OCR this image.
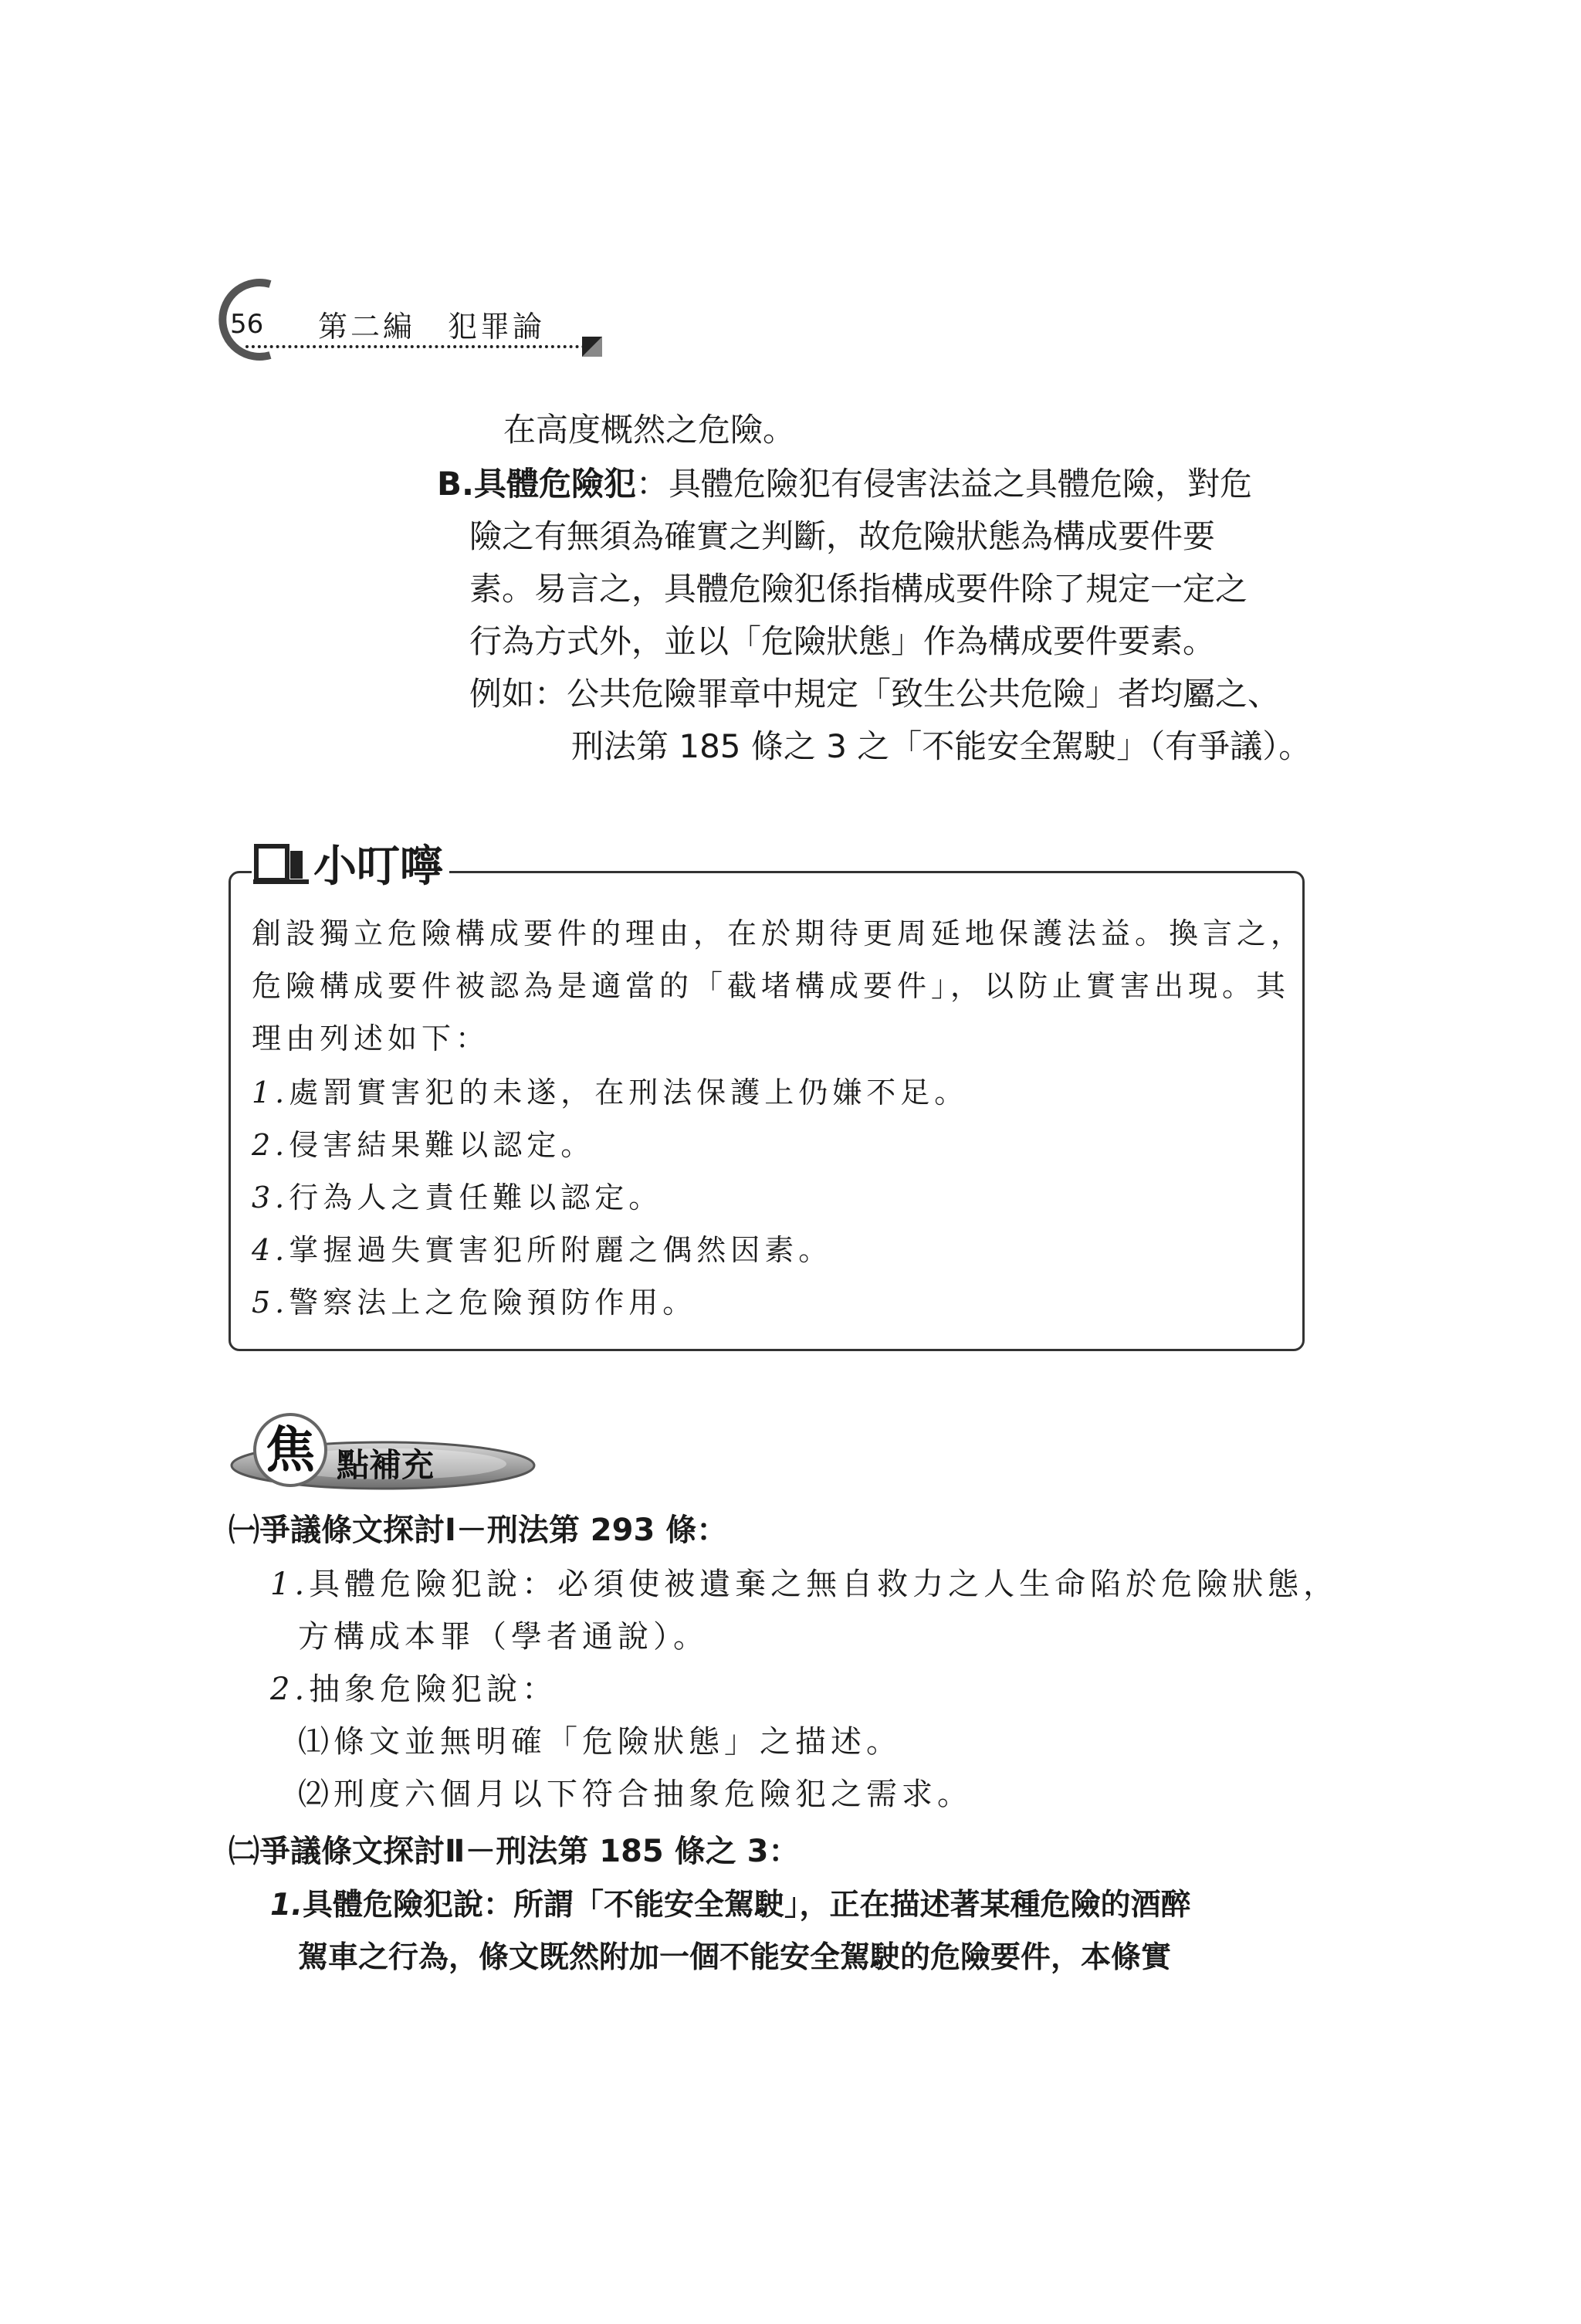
56 第二編　犯罪論
在高度概然之危險。
B.具體危險犯：具體危險犯有侵害法益之具體危險，對危
險之有無須為確實之判斷，故危險狀態為構成要件要
素。易言之，具體危險犯係指構成要件除了規定一定之
行為方式外，並以「危險狀態」作為構成要件要素。
例如：公共危險罪章中規定「致生公共危險」者均屬之、
刑法第 185 條之 3 之「不能安全駕駛」（有爭議）。
小叮嚀
創設獨立危險構成要件的理由，在於期待更周延地保護法益。換言之，
危險構成要件被認為是適當的「截堵構成要件」，以防止實害出現。其
理由列述如下：
1.處罰實害犯的未遂，在刑法保護上仍嫌不足。
2.侵害結果難以認定。
3.行為人之責任難以認定。
4.掌握過失實害犯所附麗之偶然因素。
5.警察法上之危險預防作用。
焦 點補充
㈠爭議條文探討Ⅰ－刑法第 293 條：
1.具體危險犯說：必須使被遺棄之無自救力之人生命陷於危險狀態，
方構成本罪（學者通說）。
2.抽象危險犯說：
⑴條文並無明確「危險狀態」之描述。
⑵刑度六個月以下符合抽象危險犯之需求。
㈡爭議條文探討Ⅱ－刑法第 185 條之 3：
1.具體危險犯說：所謂「不能安全駕駛」，正在描述著某種危險的酒醉
駕車之行為，條文既然附加一個不能安全駕駛的危險要件，本條實
